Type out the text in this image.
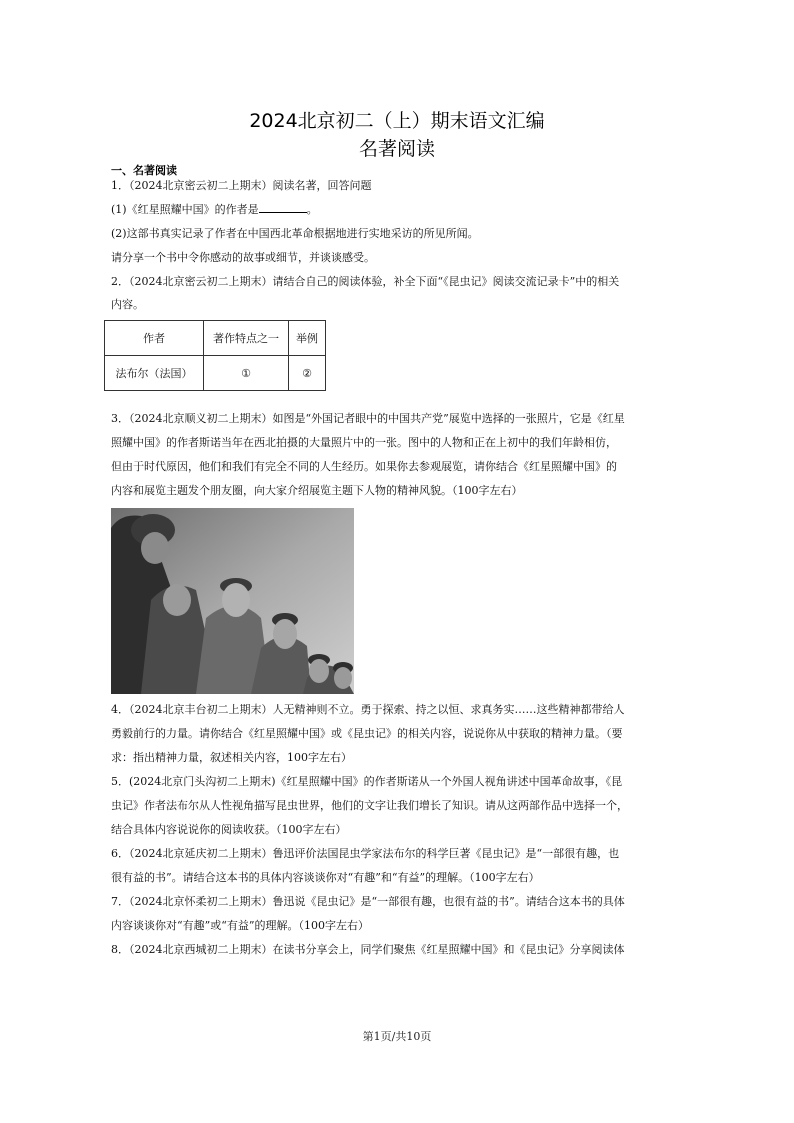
2024北京初二（上）期末语文汇编
名著阅读
一、名著阅读
1．（2024北京密云初二上期末）阅读名著，回答问题
(1)《红星照耀中国》的作者是	。
(2)这部书真实记录了作者在中国西北革命根据地进行实地采访的所见所闻。
请分享一个书中令你感动的故事或细节，并谈谈感受。
2．（2024北京密云初二上期末）请结合自己的阅读体验，补全下面“《昆虫记》阅读交流记录卡”中的相关
内容。
作者	著作特点之一	举例
法布尔（法国）	①	②
3．（2024北京顺义初二上期末）如图是“外国记者眼中的中国共产党”展览中选择的一张照片，它是《红星
照耀中国》的作者斯诺当年在西北拍摄的大量照片中的一张。图中的人物和正在上初中的我们年龄相仿，
但由于时代原因，他们和我们有完全不同的人生经历。如果你去参观展览，请你结合《红星照耀中国》的
内容和展览主题发个朋友圈，向大家介绍展览主题下人物的精神风貌。（100字左右）
4．（2024北京丰台初二上期末）人无精神则不立。勇于探索、持之以恒、求真务实……这些精神都带给人
勇毅前行的力量。请你结合《红星照耀中国》或《昆虫记》的相关内容，说说你从中获取的精神力量。（要
求：指出精神力量，叙述相关内容，100字左右）
5．(2024北京门头沟初二上期末)《红星照耀中国》的作者斯诺从一个外国人视角讲述中国革命故事，《昆
虫记》作者法布尔从人性视角描写昆虫世界，他们的文字让我们增长了知识。请从这两部作品中选择一个，
结合具体内容说说你的阅读收获。（100字左右）
6．（2024北京延庆初二上期末）鲁迅评价法国昆虫学家法布尔的科学巨著《昆虫记》是“一部很有趣，也
很有益的书”。请结合这本书的具体内容谈谈你对“有趣”和“有益”的理解。（100字左右）
7．（2024北京怀柔初二上期末）鲁迅说《昆虫记》是“一部很有趣，也很有益的书”。请结合这本书的具体
内容谈谈你对“有趣”或“有益”的理解。（100字左右）
8．（2024北京西城初二上期末）在读书分享会上，同学们聚焦《红星照耀中国》和《昆虫记》分享阅读体
第1页/共10页
